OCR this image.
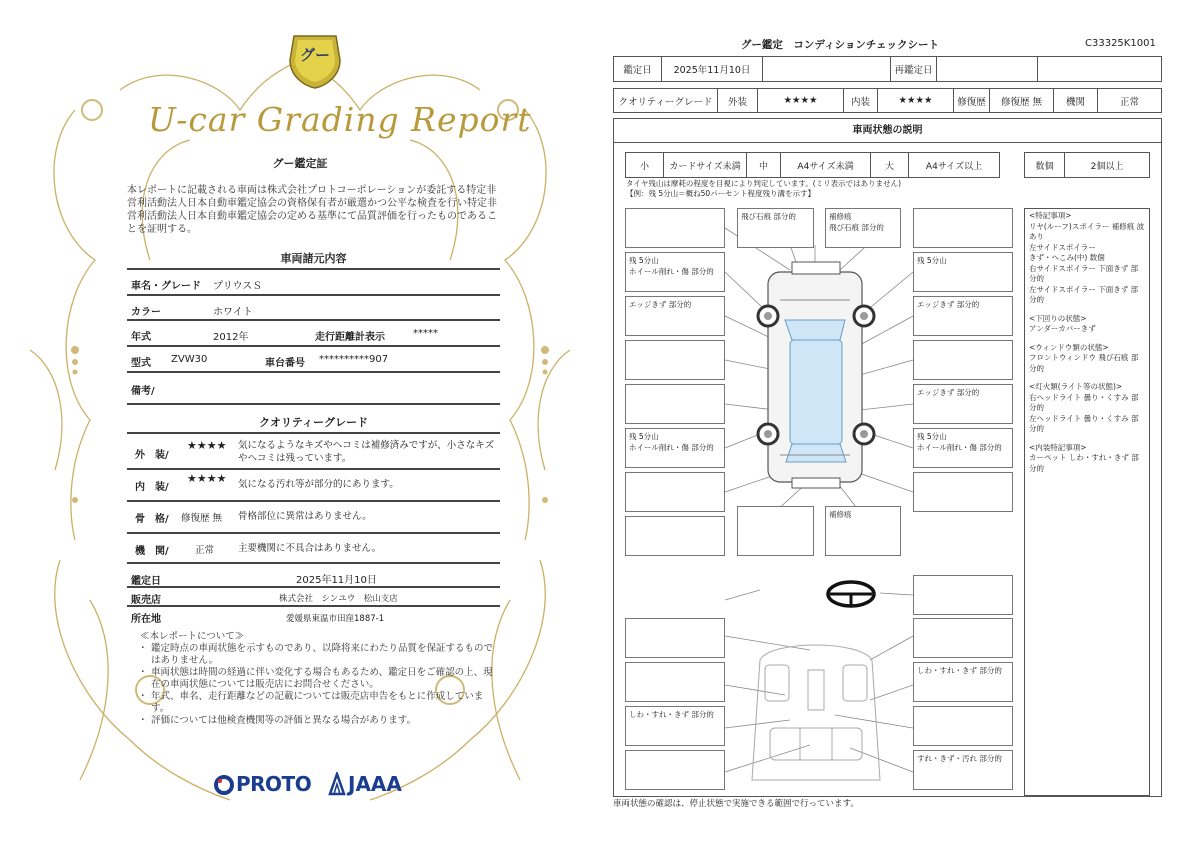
グー
U-car Grading Report
グー鑑定証
本レポートに記載される車両は株式会社プロトコーポレーションが委託する特定非営利活動法人日本自動車鑑定協会の資格保有者が厳選かつ公平な検査を行い特定非営利活動法人日本自動車鑑定協会の定める基準にて品質評価を行ったものであることを証明する。
車両諸元内容
車名・グレード プリウスＳ
カラー	ホワイト
年式	2012年	走行距離計表示	*****
型式 ZVW30	車台番号 **********907
備考/
クオリティーグレード
外　装/
★★★★ 気になるようなキズやヘコミは補修済みですが、小さなキズやヘコミは残っています。
内　装/
★★★★ 気になる汚れ等が部分的にあります。
骨　格/ 修復歴 無 骨格部位に異常はありません。
機　関/	正常	主要機関に不具合はありません。
鑑定日	2025年11月10日
販売店	株式会社　シンユウ　松山支店
所在地	愛媛県東温市田窪1887-1
≪本レポートについて≫
・ 鑑定時点の車両状態を示すものであり、以降将来にわたり品質を保証するものではありません。
・ 車両状態は時間の経過に伴い変化する場合もあるため、鑑定日をご確認の上、現在の車両状態については販売店にお問合せください。
・ 年式、車名、走行距離などの記載については販売店申告をもとに作成しています。
・ 評価については他検査機関等の評価と異なる場合があります。
PROTO JAAA
グー鑑定　コンディションチェックシート	C33325K1001
鑑定日	2025年11月10日	再鑑定日
クオリティーグレード	外装	★★★★	内装	★★★★	修復歴	修復歴 無	機関	正常
車両状態の説明
小	カードサイズ未満	中	A4サイズ未満	大	A4サイズ以上	数個	2個以上
タイヤ残山は摩耗の程度を目視により判定しています。(ミリ表示ではありません)
【例：残 5分山＝概ね50パーセント程度残り溝を示す】
飛び石痕 部分的	補修痕
飛び石痕 部分的
残 5分山
ホイール削れ・傷 部分的
残 5分山
エッジきず 部分的	エッジきず 部分的
エッジきず 部分的
残 5分山
ホイール削れ・傷 部分的
残 5分山
ホイール削れ・傷 部分的
補修痕
しわ・すれ・きず 部分的
しわ・すれ・きず 部分的
すれ・きず・汚れ 部分的

<特記事項>
リヤ(ルーフ)スポイラー 補修痕 波あり
左サイドスポイラー
きず・へこみ(中) 数個
右サイドスポイラー 下面きず 部分的
左サイドスポイラー 下面きず 部分的

<下回りの状態>
アンダーカバーきず

<ウィンドウ類の状態>
フロントウィンドウ 飛び石痕 部分的

<灯火類(ライト等の状態)>
右ヘッドライト 曇り・くすみ 部分的
左ヘッドライト 曇り・くすみ 部分的

<内装特記事項>
カーペット しわ・すれ・きず 部分的

車両状態の確認は、停止状態で実施できる範囲で行っています。
